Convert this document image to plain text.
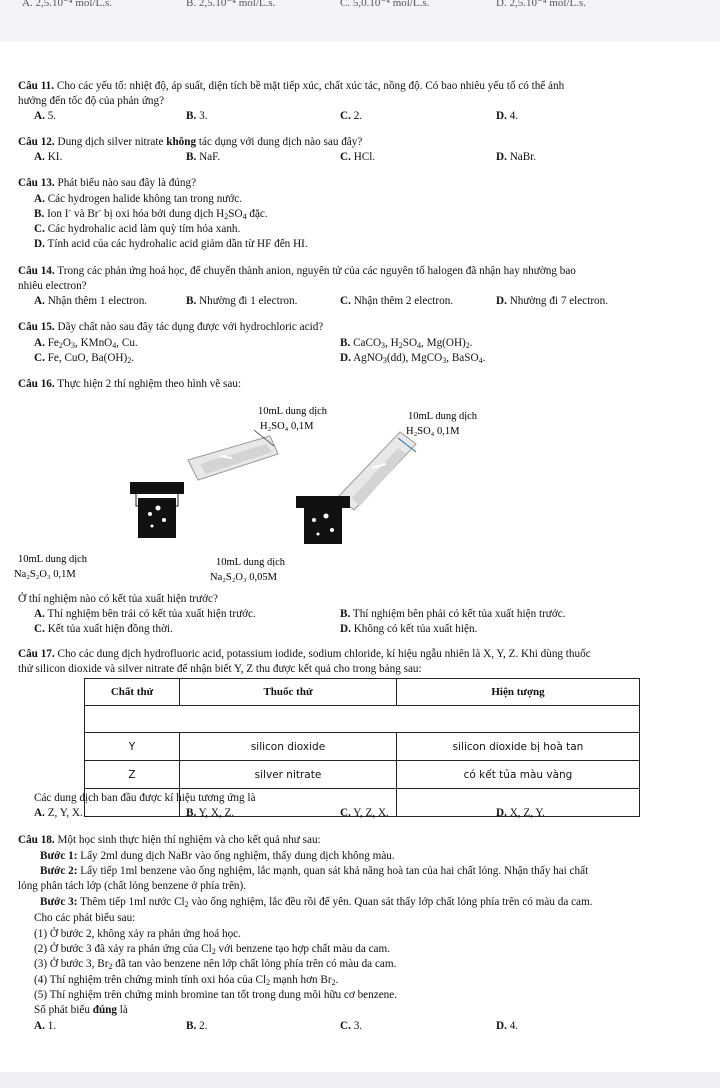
A. 2,5.10⁻⁴ mol/L.s.	B. 2,5.10⁻⁴ mol/L.s.	C. 5,0.10⁻⁴ mol/L.s.	D. 2,5.10⁻⁴ mol/L.s.
Câu 11. Cho các yếu tố: nhiệt độ, áp suất, diện tích bề mặt tiếp xúc, chất xúc tác, nồng độ. Có bao nhiêu yếu tố có thể ảnh
hưởng đến tốc độ của phản ứng?
A. 5.	B. 3.	C. 2.	D. 4.
Câu 12. Dung dịch silver nitrate không tác dụng với dung dịch nào sau đây?
A. KI.	B. NaF.	C. HCl.	D. NaBr.
Câu 13. Phát biểu nào sau đây là đúng?
A. Các hydrogen halide không tan trong nước.
B. Ion I- và Br- bị oxi hóa bởi dung dịch $H_2SO_4$ đặc.
C. Các hydrohalic acid làm quỳ tím hóa xanh.
D. Tính acid của các hydrohalic acid giảm dần từ HF đến HI.
Câu 14. Trong các phản ứng hoá học, để chuyển thành anion, nguyên tử của các nguyên tố halogen đã nhận hay nhường bao
nhiêu electron?
A. Nhận thêm 1 electron.	B. Nhường đi 1 electron.	C. Nhận thêm 2 electron.	D. Nhường đi 7 electron.
Câu 15. Dãy chất nào sau đây tác dụng được với hydrochloric acid?
A. $Fe_2O_3$, KMnO$_4$, Cu.	B. CaCO$_3$, $H_2SO_4$, $Mg(OH)_2$.
C. Fe, CuO, $Ba(OH)_2$.	D. AgNO$_3$(dd), MgCO$_3$, BaSO$_4$.
Câu 16. Thực hiện 2 thí nghiệm theo hình vẽ sau:
10mL dung dịch
H₂SO₄ 0,1M
10mL dung dịch
H₂SO₄ 0,1M
10mL dung dịch
Na₂S₂O₃ 0,1M
10mL dung dịch
Na₂S₂O₃ 0,05M
Ở thí nghiệm nào có kết tủa xuất hiện trước?
A. Thí nghiệm bên trái có kết tủa xuất hiện trước.	B. Thí nghiệm bên phải có kết tủa xuất hiện trước.
C. Kết tủa xuất hiện đồng thời.	D. Không có kết tủa xuất hiện.
Câu 17. Cho các dung dịch hydrofluoric acid, potassium iodide, sodium chloride, kí hiệu ngẫu nhiên là X, Y, Z. Khi dùng thuốc
thử silicon dioxide và silver nitrate để nhận biết Y, Z thu được kết quả cho trong bảng sau:
Chất thử	Thuốc thử	Hiện tượng

Y	silicon dioxide	silicon dioxide bị hoà tan
Z	silver nitrate	có kết tủa màu vàng

Các dung dịch ban đầu được kí hiệu tương ứng là
A. Z, Y, X.	B. Y, X, Z.	C. Y, Z, X.	D. X, Z, Y.
Câu 18. Một học sinh thực hiện thí nghiệm và cho kết quả như sau:
Bước 1: Lấy 2ml dung dịch NaBr vào ống nghiệm, thấy dung dịch không màu.
Bước 2: Lấy tiếp 1ml benzene vào ống nghiệm, lắc mạnh, quan sát khả năng hoà tan của hai chất lỏng. Nhận thấy hai chất
lỏng phân tách lớp (chất lỏng benzene ở phía trên).
Bước 3: Thêm tiếp 1ml nước $Cl_2$ vào ống nghiệm, lắc đều rồi để yên. Quan sát thấy lớp chất lỏng phía trên có màu da cam.
Cho các phát biểu sau:
(1) Ở bước 2, không xảy ra phản ứng hoá học.
(2) Ở bước 3 đã xảy ra phản ứng của $Cl_2$ với benzene tạo hợp chất màu da cam.
(3) Ở bước 3, $Br_2$ đã tan vào benzene nên lớp chất lỏng phía trên có màu da cam.
(4) Thí nghiệm trên chứng minh tính oxi hóa của $Cl_2$ mạnh hơn $Br_2$.
(5) Thí nghiệm trên chứng minh bromine tan tốt trong dung môi hữu cơ benzene.
Số phát biểu đúng là
A. 1.	B. 2.	C. 3.	D. 4.
